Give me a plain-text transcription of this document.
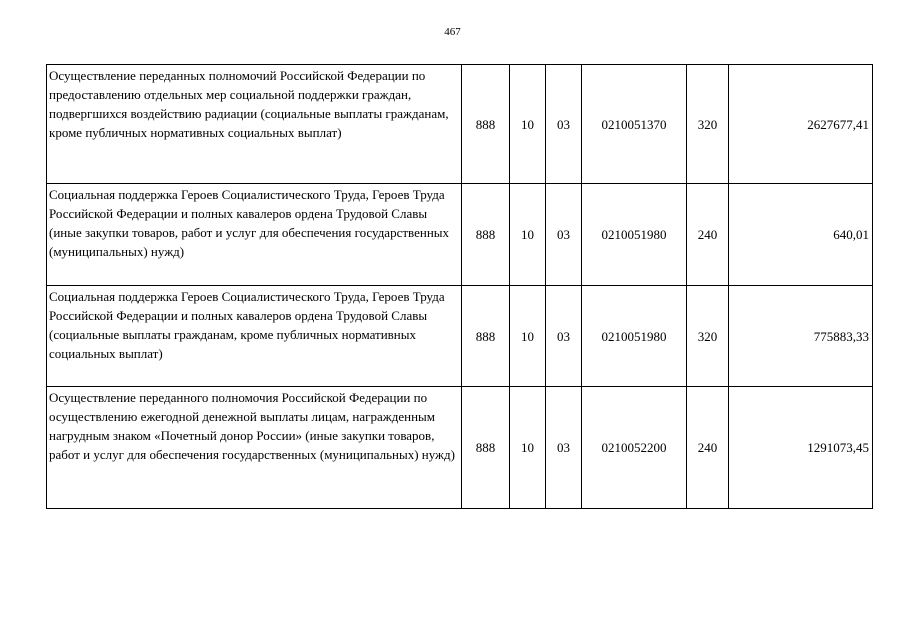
467
Осуществление переданных полномочий Российской Федерации по предоставлению отдельных мер социальной поддержки граждан, подвергшихся воздействию радиации (социальные выплаты гражданам, кроме публичных нормативных социальных выплат)	888	10	03	0210051370	320	2627677,41
Социальная поддержка Героев Социалистического Труда, Героев Труда Российской Федерации и полных кавалеров ордена Трудовой Славы (иные закупки товаров, работ и услуг для обеспечения государственных (муниципальных) нужд)	888	10	03	0210051980	240	640,01
Социальная поддержка Героев Социалистического Труда, Героев Труда Российской Федерации и полных кавалеров ордена Трудовой Славы (социальные выплаты гражданам, кроме публичных нормативных социальных выплат)	888	10	03	0210051980	320	775883,33
Осуществление переданного полномочия Российской Федерации по осуществлению ежегодной денежной выплаты лицам, награжденным нагрудным знаком «Почетный донор России» (иные закупки товаров, работ и услуг для обеспечения государственных (муниципальных) нужд)	888	10	03	0210052200	240	1291073,45
